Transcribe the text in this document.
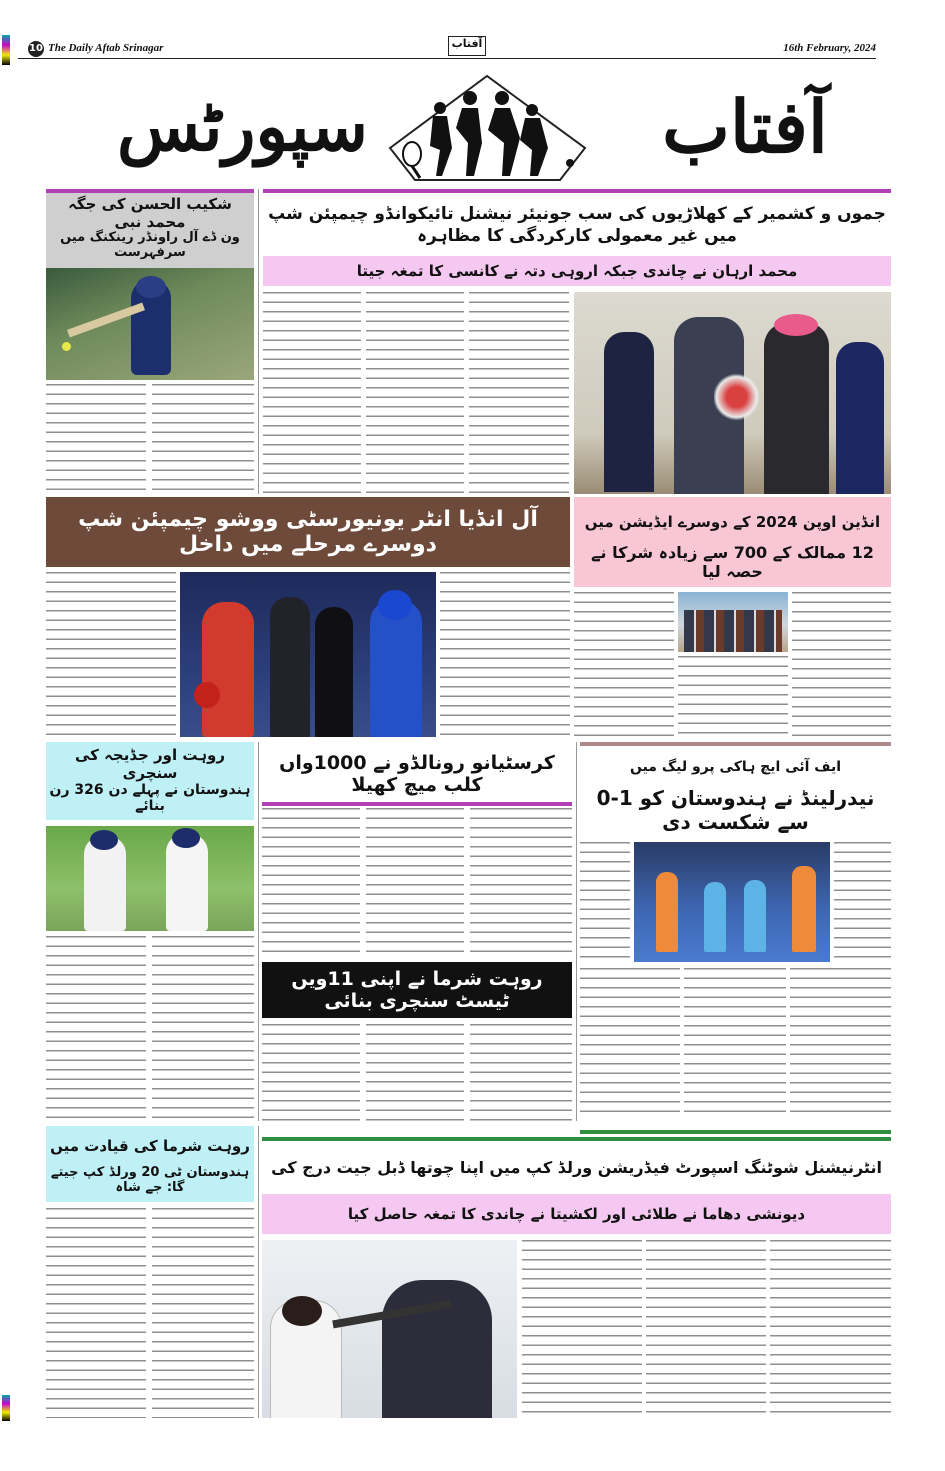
10 The Daily Aftab Srinagar	آفتاب	16th February, 2024
سپورٹس	آفتاب
شکیب الحسن کی جگہ محمد نبی
ون ڈے آل راونڈر رینکنگ میں سرفہرست
جموں و کشمیر کے کھلاڑیوں کی سب جونیئر نیشنل تائیکوانڈو چیمپئن شپ میں غیر معمولی کارکردگی کا مظاہرہ
محمد ارہان نے چاندی جبکہ اروہی دتہ نے کانسی کا تمغہ جیتا
آل انڈیا انٹر یونیورسٹی ووشو چیمپئن شپ دوسرے مرحلے میں داخل
انڈین اوپن 2024 کے دوسرے ایڈیشن میں
12 ممالک کے 700 سے زیادہ شرکا نے حصہ لیا
روہت اور جڈیجہ کی سنچری
ہندوستان نے پہلے دن 326 رن بنائے
کرسٹیانو رونالڈو نے 1000واں کلب میچ کھیلا
روہت شرما نے اپنی 11ویں ٹیسٹ سنچری بنائی
ایف آئی ایچ ہاکی پرو لیگ میں
نیدرلینڈ نے ہندوستان کو 1-0 سے شکست دی
روہت شرما کی قیادت میں
ہندوستان ٹی 20 ورلڈ کپ جیتے گا: جے شاہ
انٹرنیشنل شوٹنگ اسپورٹ فیڈریشن ورلڈ کپ میں اپنا چوتھا ڈبل جیت درج کی
دیونشی دھاما نے طلائی اور لکشیتا نے چاندی کا تمغہ حاصل کیا
